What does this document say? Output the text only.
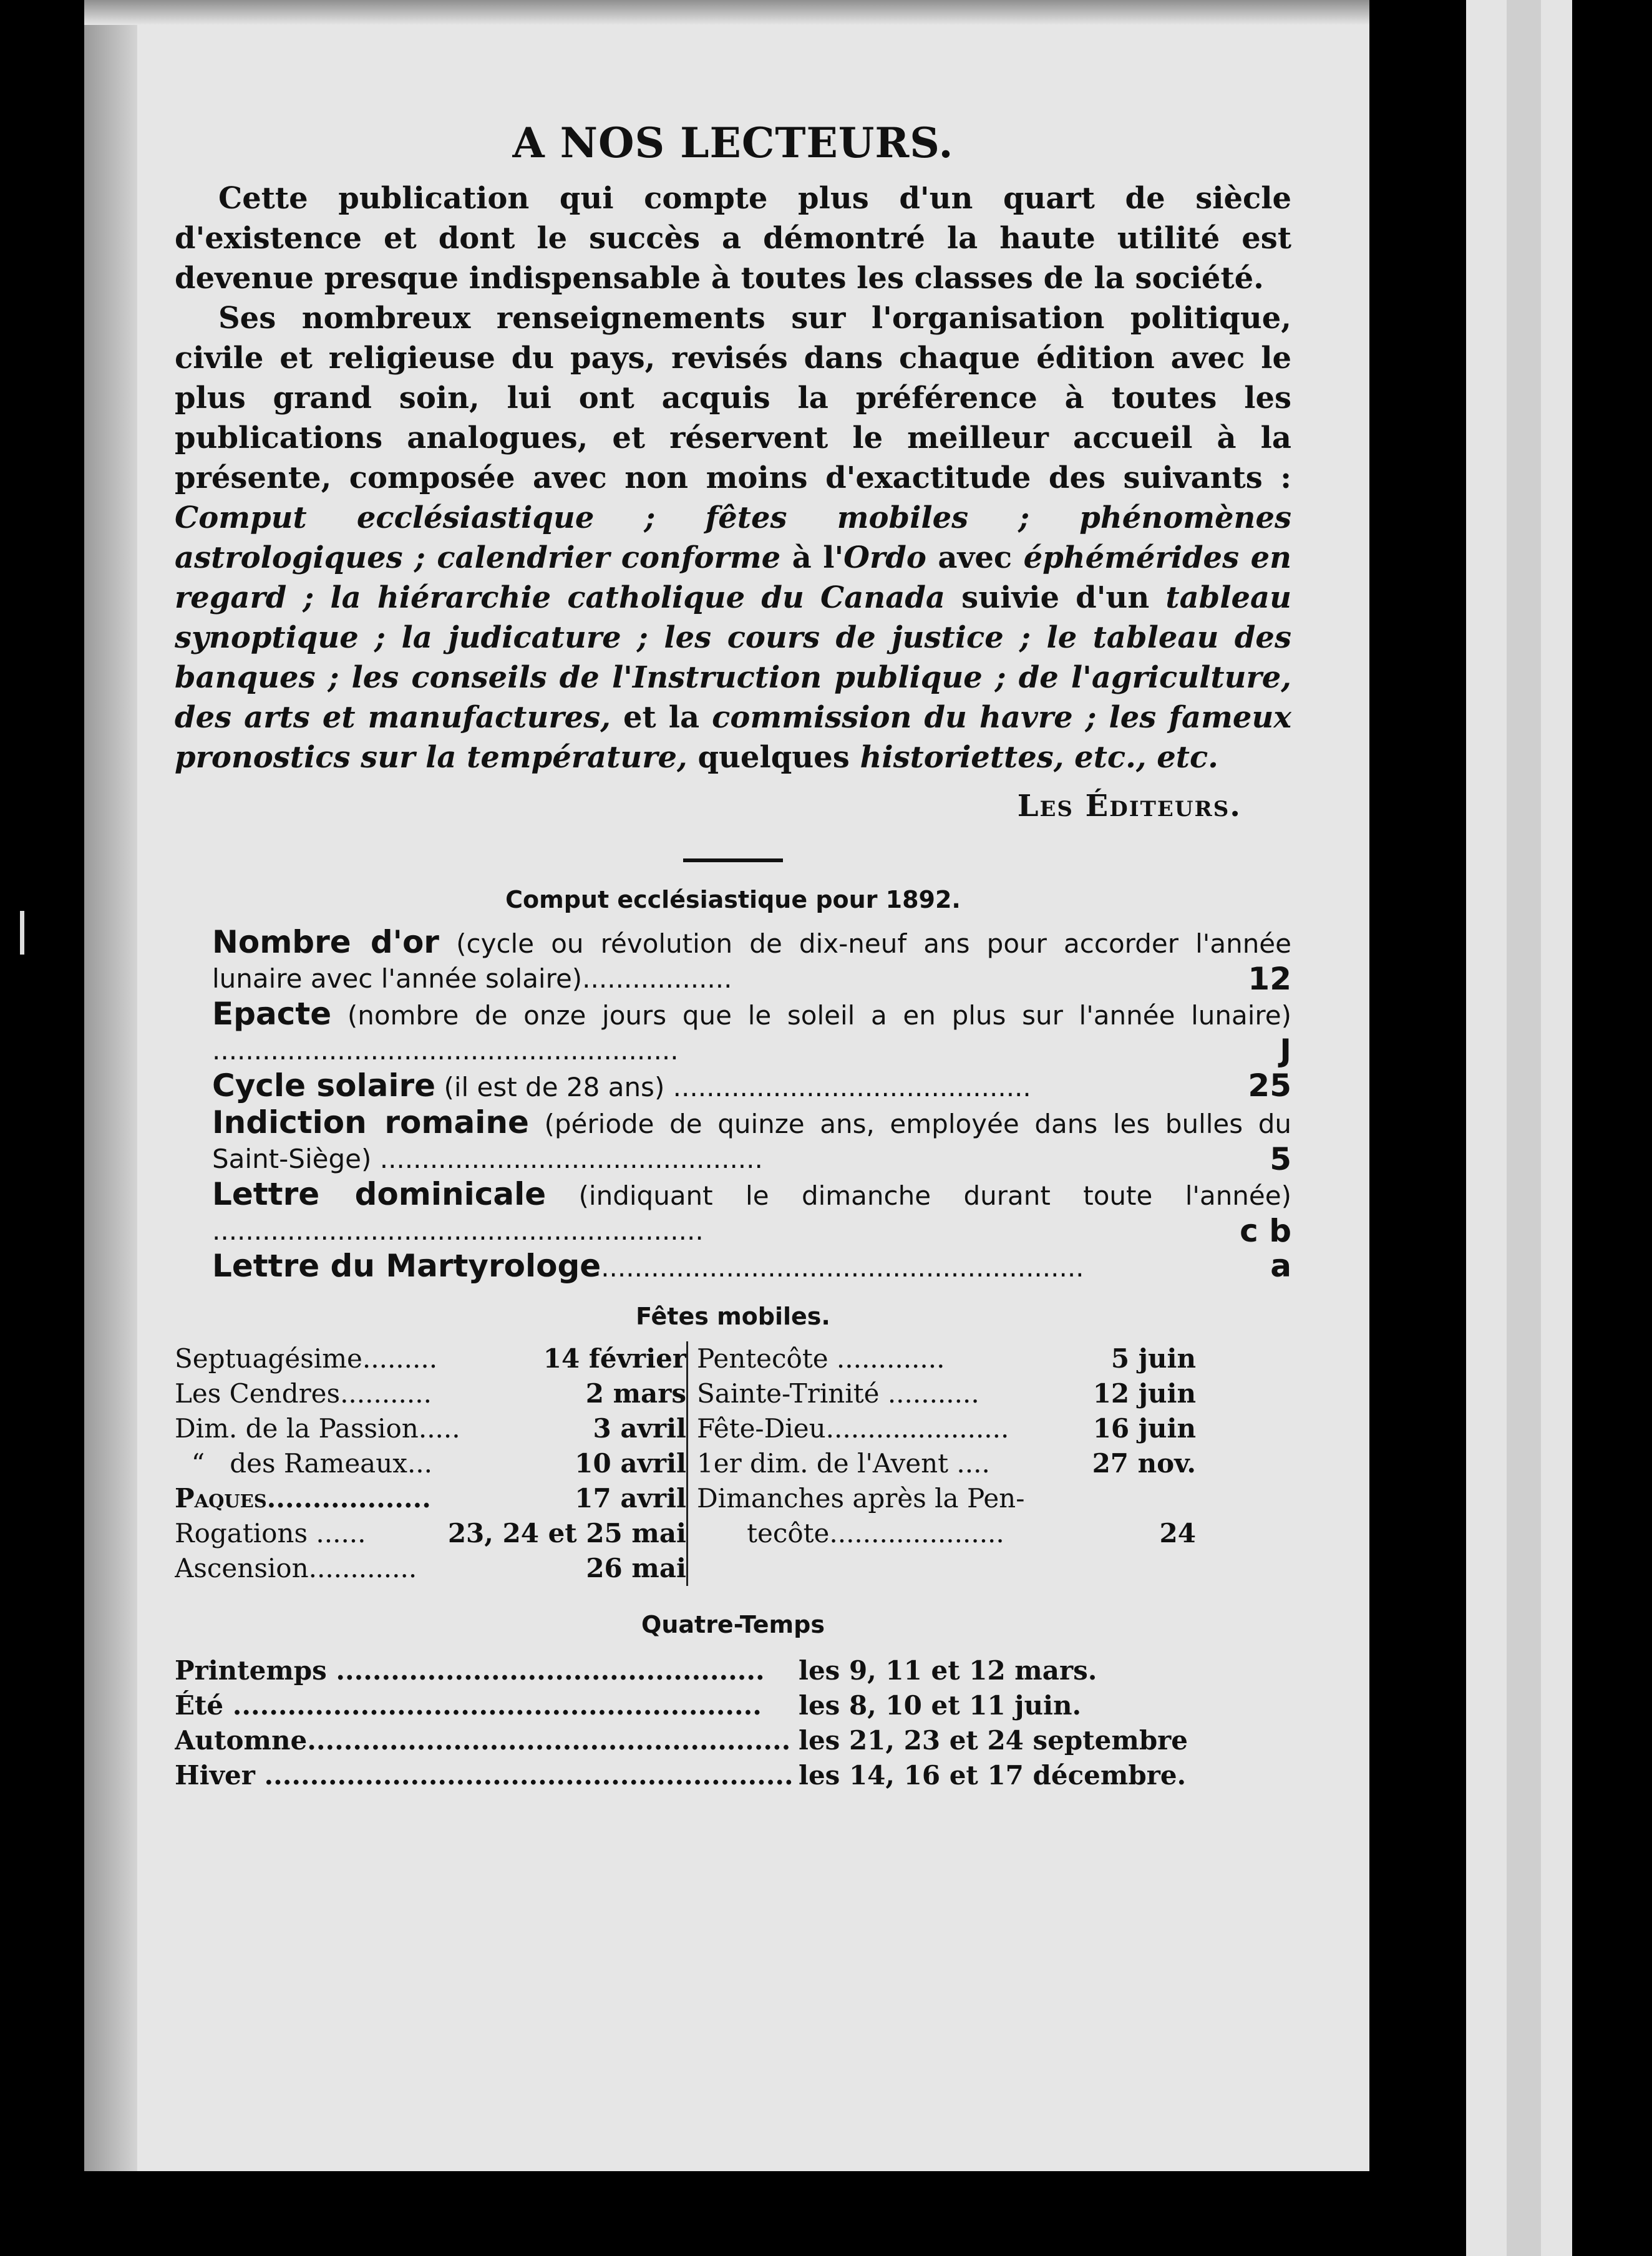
A NOS LECTEURS.

Cette publication qui compte plus d'un quart de siècle d'existence et dont le succès a démontré la haute utilité est devenue presque indispensable à toutes les classes de la société.

Ses nombreux renseignements sur l'organisation politique, civile et religieuse du pays, revisés dans chaque édition avec le plus grand soin, lui ont acquis la préférence à toutes les publications analogues, et réservent le meilleur accueil à la présente, composée avec non moins d'exactitude des suivants : Comput ecclésiastique ; fêtes mobiles ; phénomènes astrologiques ; calendrier conforme à l'Ordo avec éphémérides en regard ; la hiérarchie catholique du Canada suivie d'un tableau synoptique ; la judicature ; les cours de justice ; le tableau des banques ; les conseils de l'Instruction publique ; de l'agriculture, des arts et manufactures, et la commission du havre ; les fameux pronostics sur la température, quelques historiettes, etc., etc.

Les Éditeurs.
Comput ecclésiastique pour 1892.
Nombre d'or (cycle ou révolution de dix-neuf ans pour accorder l'année lunaire avec l'année solaire)..................	12
Epacte (nombre de onze jours que le soleil a en plus sur l'année lunaire) ........................................................	J
Cycle solaire (il est de 28 ans) ...........................................	25
Indiction romaine (période de quinze ans, employée dans les bulles du Saint-Siège) ..............................................	5
Lettre dominicale (indiquant le dimanche durant toute l'année) ...........................................................	c b
Lettre du Martyrologe..........................................................	a
Fêtes mobiles.
Septuagésime.........	14 février
Les Cendres...........	2 mars
Dim. de la Passion.....	3 avril
“   des Rameaux...	10 avril
Paques..................	17 avril
Rogations ......	23, 24 et 25 mai
Ascension.............	26 mai
Pentecôte .............	5 juin
Sainte-Trinité ...........	12 juin
Fête-Dieu......................	16 juin
1er dim. de l'Avent ....	27 nov.
Dimanches après la Pen-
tecôte.....................	24
Quatre-Temps
Printemps ...............................................	les 9, 11 et 12 mars.
Été ..........................................................	les 8, 10 et 11 juin.
Automne..................................................... les 21, 23 et 24 septembre
Hiver .......................................................... les 14, 16 et 17 décembre.
